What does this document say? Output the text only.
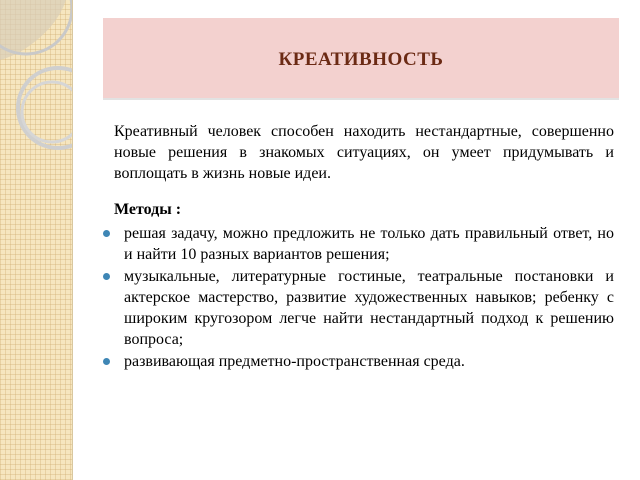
КРЕАТИВНОСТЬ

Креативный человек способен находить нестандартные, совершенно новые решения в знакомых ситуациях, он умеет придумывать и воплощать в жизнь новые идеи.

Методы :

решая задачу, можно предложить не только дать правильный ответ, но и найти 10 разных вариантов решения;
музыкальные, литературные гостиные, театральные постановки и актерское мастерство, развитие художественных навыков; ребенку с широким кругозором легче найти нестандартный подход к решению вопроса;
развивающая предметно-пространственная среда.
